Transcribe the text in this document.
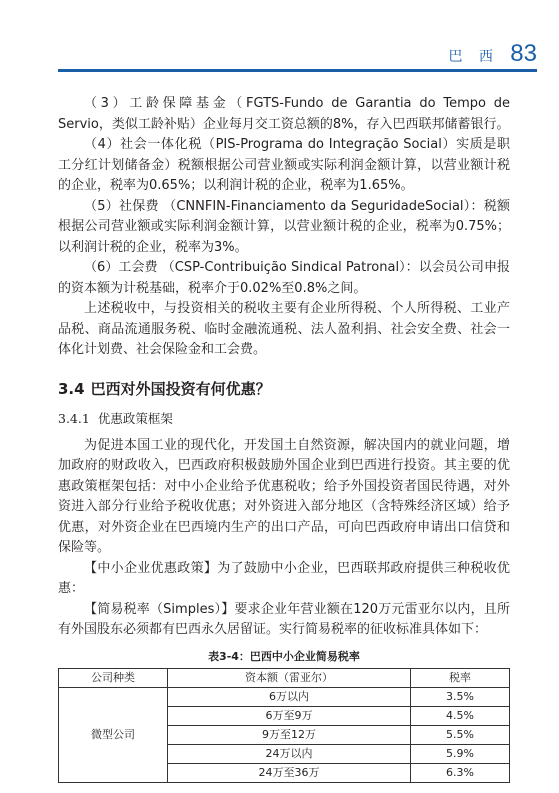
巴 西 83

（3）工龄保障基金（FGTS-Fundo de Garantia do Tempo de Servio，类似工龄补贴）企业每月交工资总额的8%，存入巴西联邦储蓄银行。

（4）社会一体化税（PIS-Programa do Integração Social）实质是职工分红计划储备金）税额根据公司营业额或实际利润金额计算，以营业额计税的企业，税率为0.65%；以利润计税的企业，税率为1.65%。

（5）社保费 （CNNFIN-Financiamento da SeguridadeSocial）：税额根据公司营业额或实际利润金额计算，以营业额计税的企业，税率为0.75%；以利润计税的企业，税率为3%。

（6）工会费 （CSP-Contribuição Sindical Patronal）：以会员公司申报的资本额为计税基础，税率介于0.02%至0.8%之间。

上述税收中，与投资相关的税收主要有企业所得税、个人所得税、工业产品税、商品流通服务税、临时金融流通税、法人盈利捐、社会安全费、社会一体化计划费、社会保险金和工会费。

3.4 巴西对外国投资有何优惠？
3.4.1 优惠政策框架

为促进本国工业的现代化，开发国土自然资源，解决国内的就业问题，增加政府的财政收入，巴西政府积极鼓励外国企业到巴西进行投资。其主要的优惠政策框架包括：对中小企业给予优惠税收；给予外国投资者国民待遇，对外资进入部分行业给予税收优惠；对外资进入部分地区（含特殊经济区域）给予优惠，对外资企业在巴西境内生产的出口产品，可向巴西政府申请出口信贷和保险等。

【中小企业优惠政策】为了鼓励中小企业，巴西联邦政府提供三种税收优惠：

【简易税率（Simples）】要求企业年营业额在120万元雷亚尔以内，且所有外国股东必须都有巴西永久居留证。实行简易税率的征收标准具体如下：

表3-4：巴西中小企业简易税率
公司种类	资本额（雷亚尔）	税率
微型公司	6万以内	3.5%
	6万至9万	4.5%
	9万至12万	5.5%
	24万以内	5.9%
	24万至36万	6.3%
